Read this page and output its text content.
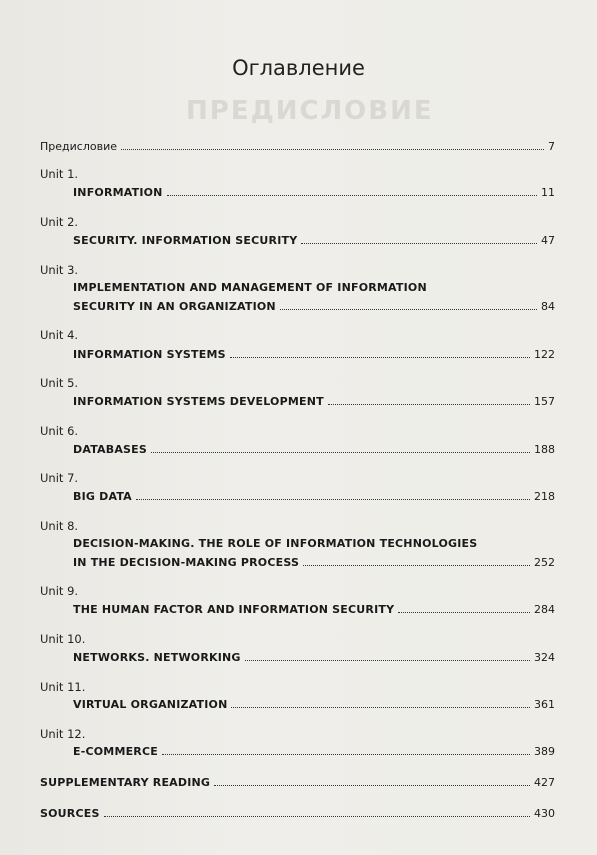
ПРЕДИСЛОВИЕ
Оглавление
Предисловие	7
Unit 1.
INFORMATION	11
Unit 2.
SECURITY. INFORMATION SECURITY	47
Unit 3.
IMPLEMENTATION AND MANAGEMENT OF INFORMATION
SECURITY IN AN ORGANIZATION	84
Unit 4.
INFORMATION SYSTEMS	122
Unit 5.
INFORMATION SYSTEMS DEVELOPMENT	157
Unit 6.
DATABASES	188
Unit 7.
BIG DATA	218
Unit 8.
DECISION-MAKING. THE ROLE OF INFORMATION TECHNOLOGIES
IN THE DECISION-MAKING PROCESS	252
Unit 9.
THE HUMAN FACTOR AND INFORMATION SECURITY	284
Unit 10.
NETWORKS. NETWORKING	324
Unit 11.
VIRTUAL ORGANIZATION	361
Unit 12.
E-COMMERCE	389
SUPPLEMENTARY READING	427
SOURCES	430
